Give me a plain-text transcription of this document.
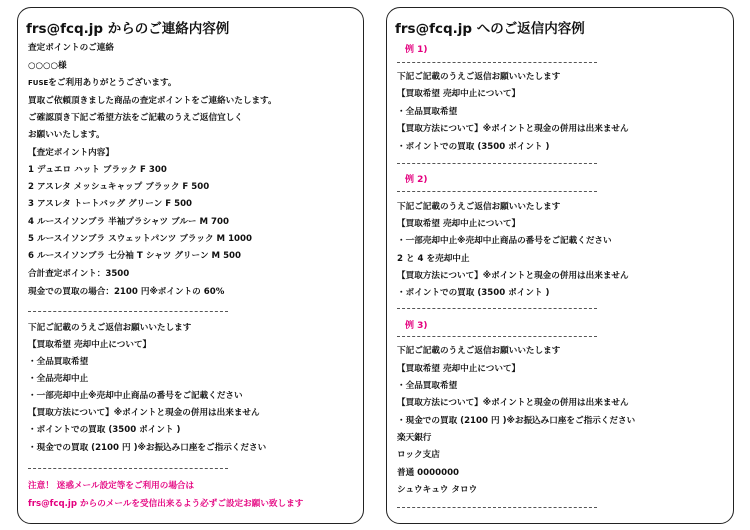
frs@fcq.jp からのご連絡内容例
査定ポイントのご連絡
○○○○様
FUSEをご利用ありがとうございます。
買取ご依頼頂きました商品の査定ポイントをご連絡いたします。
ご確認頂き下記ご希望方法をご記載のうえご返信宜しく
お願いいたします。
【査定ポイント内容】
1 デュエロ ハット ブラック F 300
2 アスレタ メッシュキャップ ブラック F 500
3 アスレタ トートバッグ グリーン F 500
4 ルースイソンブラ 半袖プラシャツ ブルー M 700
5 ルースイソンブラ スウェットパンツ ブラック M 1000
6 ルースイソンブラ 七分袖 T シャツ グリーン M 500
合計査定ポイント：3500
現金での買取の場合：2100 円※ポイントの 60%
下記ご記載のうえご返信お願いいたします
【買取希望 売却中止について】
・全品買取希望
・全品売却中止
・一部売却中止※売却中止商品の番号をご記載ください
【買取方法について】※ポイントと現金の併用は出来ません
・ポイントでの買取 (3500 ポイント )
・現金での買取 (2100 円 )※お振込み口座をご指示ください
注意！ 迷惑メール設定等をご利用の場合は
frs@fcq.jp からのメールを受信出来るよう必ずご設定お願い致します
frs@fcq.jp へのご返信内容例
例 1)
下記ご記載のうえご返信お願いいたします
【買取希望 売却中止について】
・全品買取希望
【買取方法について】※ポイントと現金の併用は出来ません
・ポイントでの買取 (3500 ポイント )
例 2)
下記ご記載のうえご返信お願いいたします
【買取希望 売却中止について】
・一部売却中止※売却中止商品の番号をご記載ください
2 と 4 を売却中止
【買取方法について】※ポイントと現金の併用は出来ません
・ポイントでの買取 (3500 ポイント )
例 3)
下記ご記載のうえご返信お願いいたします
【買取希望 売却中止について】
・全品買取希望
【買取方法について】※ポイントと現金の併用は出来ません
・現金での買取 (2100 円 )※お振込み口座をご指示ください
楽天銀行
ロック支店
普通 0000000
シュウキュウ タロウ
